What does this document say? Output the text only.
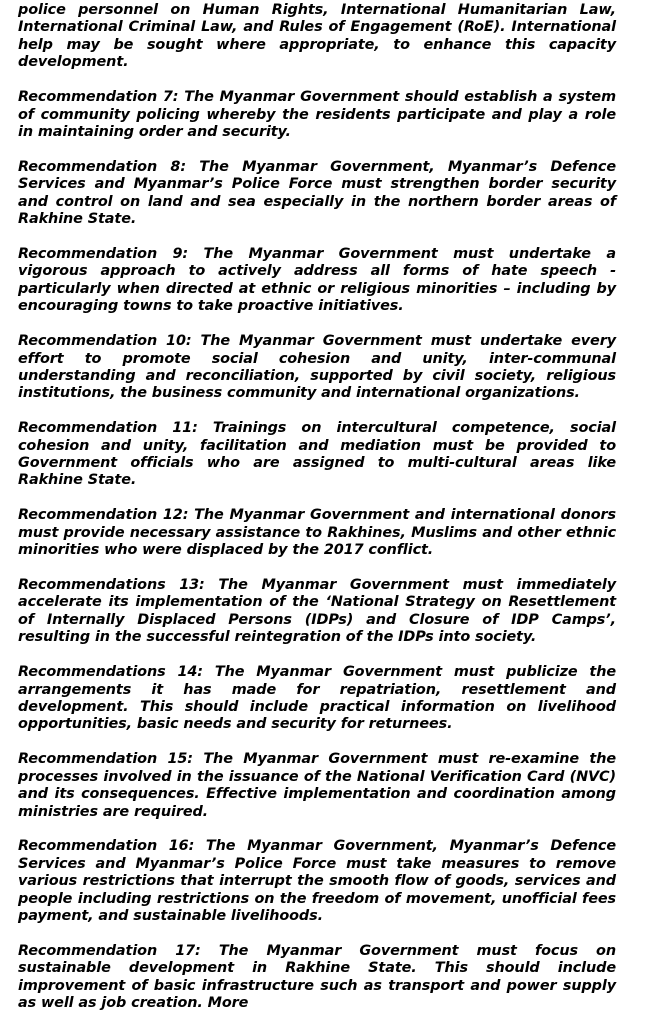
police personnel on Human Rights, International Humanitarian Law, International Criminal Law, and Rules of Engagement (RoE). International help may be sought where appropriate, to enhance this capacity development.

Recommendation 7: The Myanmar Government should establish a system of community policing whereby the residents participate and play a role in maintaining order and security.

Recommendation 8: The Myanmar Government, Myanmar’s Defence Services and Myanmar’s Police Force must strengthen border security and control on land and sea especially in the northern border areas of Rakhine State.

Recommendation 9: The Myanmar Government must undertake a vigorous approach to actively address all forms of hate speech - particularly when directed at ethnic or religious minorities – including by encouraging towns to take proactive initiatives.

Recommendation 10: The Myanmar Government must undertake every effort to promote social cohesion and unity, inter-communal understanding and reconciliation, supported by civil society, religious institutions, the business community and international organizations.

Recommendation 11: Trainings on intercultural competence, social cohesion and unity, facilitation and mediation must be provided to Government officials who are assigned to multi-cultural areas like Rakhine State.

Recommendation 12: The Myanmar Government and international donors must provide necessary assistance to Rakhines, Muslims and other ethnic minorities who were displaced by the 2017 conflict.

Recommendations 13: The Myanmar Government must immediately accelerate its implementation of the ‘National Strategy on Resettlement of Internally Displaced Persons (IDPs) and Closure of IDP Camps’, resulting in the successful reintegration of the IDPs into society.

Recommendations 14: The Myanmar Government must publicize the arrangements it has made for repatriation, resettlement and development. This should include practical information on livelihood opportunities, basic needs and security for returnees.

Recommendation 15: The Myanmar Government must re-examine the processes involved in the issuance of the National Verification Card (NVC) and its consequences. Effective implementation and coordination among ministries are required.

Recommendation 16: The Myanmar Government, Myanmar’s Defence Services and Myanmar’s Police Force must take measures to remove various restrictions that interrupt the smooth flow of goods, services and people including restrictions on the freedom of movement, unofficial fees payment, and sustainable livelihoods.

Recommendation 17: The Myanmar Government must focus on sustainable development in Rakhine State. This should include improvement of basic infrastructure such as transport and power supply as well as job creation. More
